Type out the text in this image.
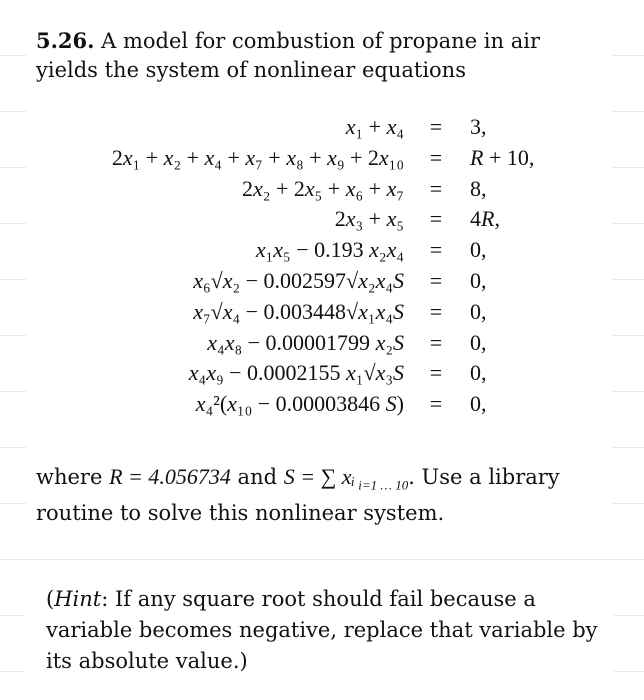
5.26. A model for combustion of propane in air yields the system of nonlinear equations

x₁ + x₄ = 3,
2x₁ + x₂ + x₄ + x₇ + x₈ + x₉ + 2x₁₀ = R + 10,
2x₂ + 2x₅ + x₆ + x₇ = 8,
2x₃ + x₅ = 4R,
x₁x₅ − 0.193 x₂x₄ = 0,
x₆√x₂ − 0.002597√x₂x₄S = 0,
x₇√x₄ − 0.003448√x₁x₄S = 0,
x₄x₈ − 0.00001799 x₂S = 0,
x₄x₉ − 0.0002155 x₁√x₃S = 0,
x₄²(x₁₀ − 0.00003846 S) = 0,

where R = 4.056734 and S = ∑ xᵢ $_{i=1 \dots 10}$. Use a library routine to solve this nonlinear system.

(Hint: If any square root should fail because a variable becomes negative, replace that variable by its absolute value.)
